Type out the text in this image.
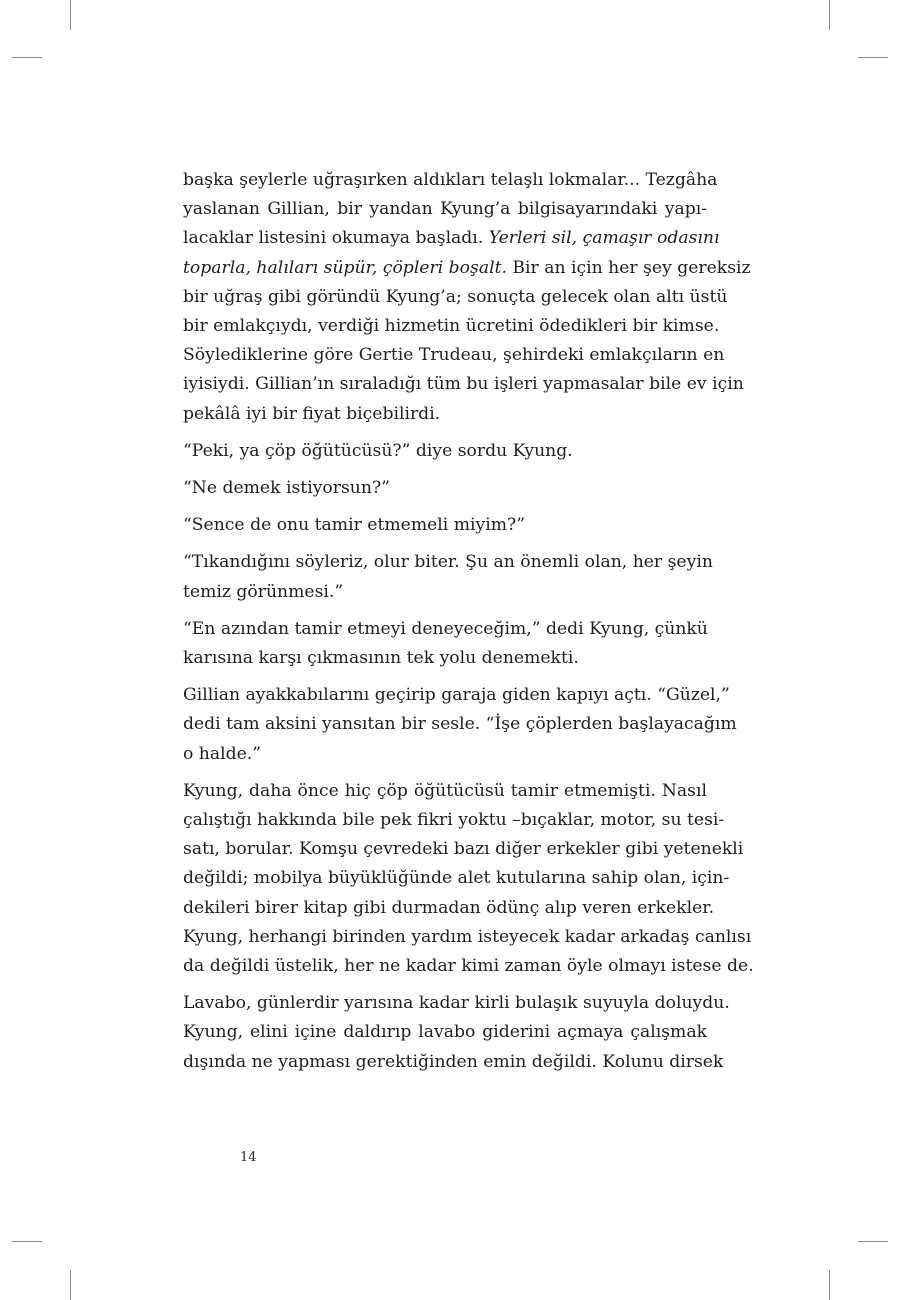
başka şeylerle uğraşırken aldıkları telaşlı lokmalar... Tezgâha
yaslanan Gillian, bir yandan Kyung’a bilgisayarındaki yapı-
lacaklar listesini okumaya başladı. Yerleri sil, çamaşır odasını
toparla, halıları süpür, çöpleri boşalt. Bir an için her şey gereksiz
bir uğraş gibi göründü Kyung’a; sonuçta gelecek olan altı üstü
bir emlakçıydı, verdiği hizmetin ücretini ödedikleri bir kimse.
Söylediklerine göre Gertie Trudeau, şehirdeki emlakçıların en
iyisiydi. Gillian’ın sıraladığı tüm bu işleri yapmasalar bile ev için
pekâlâ iyi bir fiyat biçebilirdi.

“Peki, ya çöp öğütücüsü?” diye sordu Kyung.

“Ne demek istiyorsun?”

“Sence de onu tamir etmemeli miyim?”

“Tıkandığını söyleriz, olur biter. Şu an önemli olan, her şeyin
temiz görünmesi.”

“En azından tamir etmeyi deneyeceğim,” dedi Kyung, çünkü
karısına karşı çıkmasının tek yolu denemekti.

Gillian ayakkabılarını geçirip garaja giden kapıyı açtı. “Güzel,”
dedi tam aksini yansıtan bir sesle. “İşe çöplerden başlayacağım
o halde.”

Kyung, daha önce hiç çöp öğütücüsü tamir etmemişti. Nasıl
çalıştığı hakkında bile pek fikri yoktu –bıçaklar, motor, su tesi-
satı, borular. Komşu çevredeki bazı diğer erkekler gibi yetenekli
değildi; mobilya büyüklüğünde alet kutularına sahip olan, için-
dekileri birer kitap gibi durmadan ödünç alıp veren erkekler.
Kyung, herhangi birinden yardım isteyecek kadar arkadaş canlısı
da değildi üstelik, her ne kadar kimi zaman öyle olmayı istese de.

Lavabo, günlerdir yarısına kadar kirli bulaşık suyuyla doluydu.
Kyung, elini içine daldırıp lavabo giderini açmaya çalışmak
dışında ne yapması gerektiğinden emin değildi. Kolunu dirsek

14
